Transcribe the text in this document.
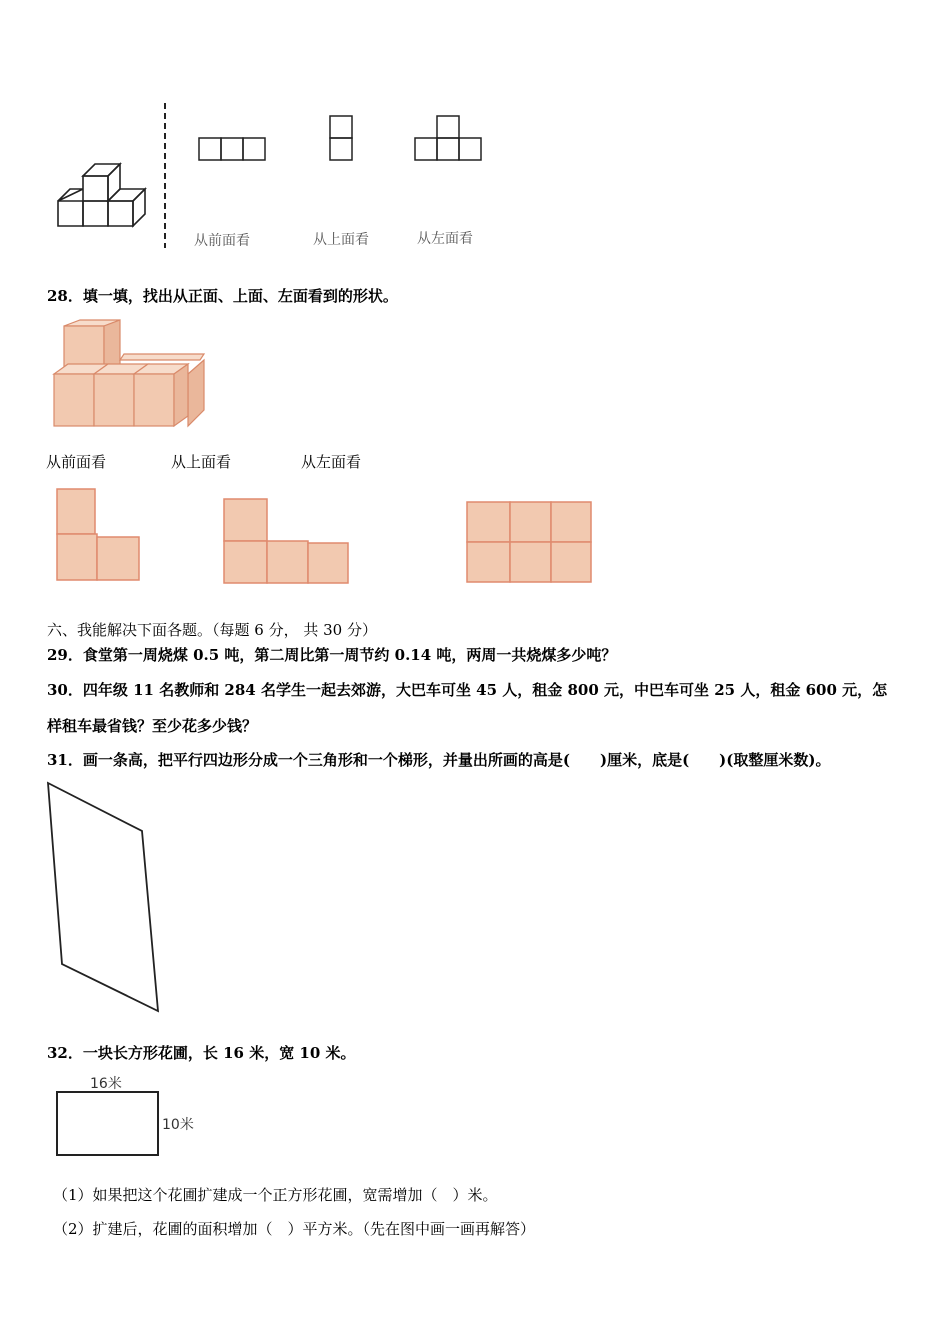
从前面看	从上面看	从左面看
28．填一填，找出从正面、上面、左面看到的形状。
从前面看	从上面看	从左面看
六、我能解决下面各题。（每题 6 分， 共 30 分）
29．食堂第一周烧煤 0.5 吨，第二周比第一周节约 0.14 吨，两周一共烧煤多少吨？
30．四年级 11 名教师和 284 名学生一起去郊游，大巴车可坐 45 人，租金 800 元，中巴车可坐 25 人，租金 600 元，怎
样租车最省钱？至少花多少钱？
31．画一条高，把平行四边形分成一个三角形和一个梯形，并量出所画的高是(　　)厘米，底是(　　)(取整厘米数)。
32．一块长方形花圃，长 16 米，宽 10 米。
16米
10米
（1）如果把这个花圃扩建成一个正方形花圃，宽需增加（　）米。
（2）扩建后，花圃的面积增加（　）平方米。（先在图中画一画再解答）
